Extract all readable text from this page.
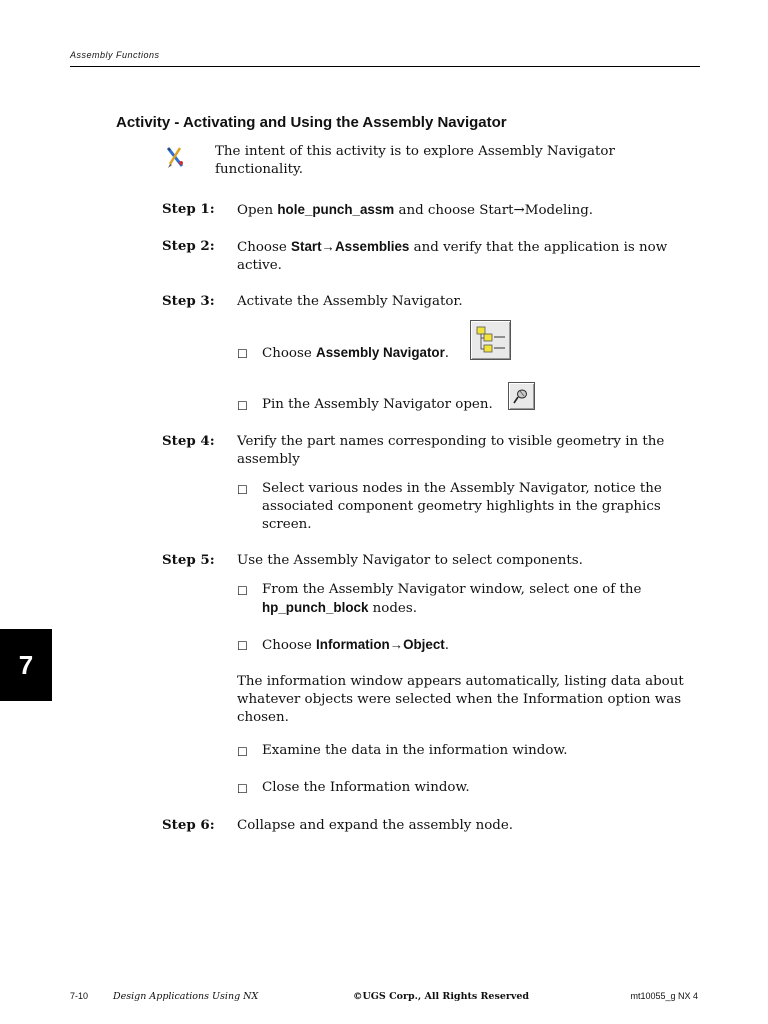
Assembly Functions
Activity - Activating and Using the Assembly Navigator
The intent of this activity is to explore Assembly Navigator functionality.
Step 1: Open hole_punch_assm and choose Start→Modeling.
Step 2: Choose Start→Assemblies and verify that the application is now active.
Step 3: Activate the Assembly Navigator.
☐ Choose Assembly Navigator.
☐ Pin the Assembly Navigator open.
Step 4: Verify the part names corresponding to visible geometry in the assembly
☐ Select various nodes in the Assembly Navigator, notice the associated component geometry highlights in the graphics screen.
Step 5: Use the Assembly Navigator to select components.
☐ From the Assembly Navigator window, select one of the hp_punch_block nodes.
☐ Choose Information→Object.
The information window appears automatically, listing data about whatever objects were selected when the Information option was chosen.
☐ Examine the data in the information window.
☐ Close the Information window.
Step 6: Collapse and expand the assembly node.
7
7-10	Design Applications Using NX	©UGS Corp., All Rights Reserved	mt10055_g NX 4
